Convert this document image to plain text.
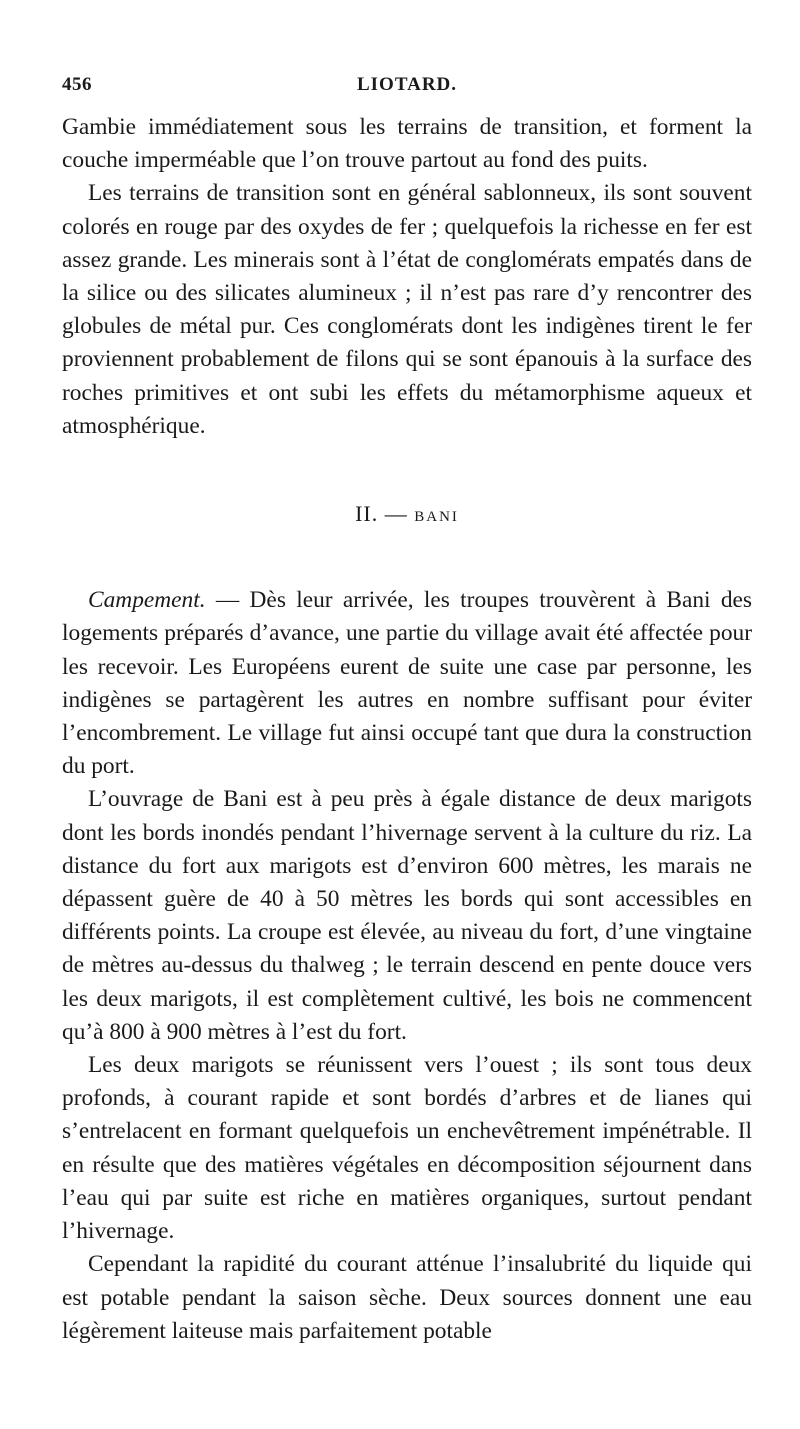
456	LIOTARD.

Gambie immédiatement sous les terrains de transition, et forment la couche imperméable que l’on trouve partout au fond des puits.

Les terrains de transition sont en général sablonneux, ils sont souvent colorés en rouge par des oxydes de fer ; quelquefois la richesse en fer est assez grande. Les minerais sont à l’état de conglomérats empatés dans de la silice ou des silicates alumineux ; il n’est pas rare d’y rencontrer des globules de métal pur. Ces conglomérats dont les indigènes tirent le fer proviennent probablement de filons qui se sont épanouis à la surface des roches primitives et ont subi les effets du métamorphisme aqueux et atmosphérique.

II. — BANI

Campement. — Dès leur arrivée, les troupes trouvèrent à Bani des logements préparés d’avance, une partie du village avait été affectée pour les recevoir. Les Européens eurent de suite une case par personne, les indigènes se partagèrent les autres en nombre suffisant pour éviter l’encombrement. Le village fut ainsi occupé tant que dura la construction du port.

L’ouvrage de Bani est à peu près à égale distance de deux marigots dont les bords inondés pendant l’hivernage servent à la culture du riz. La distance du fort aux marigots est d’environ 600 mètres, les marais ne dépassent guère de 40 à 50 mètres les bords qui sont accessibles en différents points. La croupe est élevée, au niveau du fort, d’une vingtaine de mètres au-dessus du thalweg ; le terrain descend en pente douce vers les deux marigots, il est complètement cultivé, les bois ne commencent qu’à 800 à 900 mètres à l’est du fort.

Les deux marigots se réunissent vers l’ouest ; ils sont tous deux profonds, à courant rapide et sont bordés d’arbres et de lianes qui s’entrelacent en formant quelquefois un enchevêtrement impénétrable. Il en résulte que des matières végétales en décomposition séjournent dans l’eau qui par suite est riche en matières organiques, surtout pendant l’hivernage.

Cependant la rapidité du courant atténue l’insalubrité du liquide qui est potable pendant la saison sèche. Deux sources donnent une eau légèrement laiteuse mais parfaitement potable
